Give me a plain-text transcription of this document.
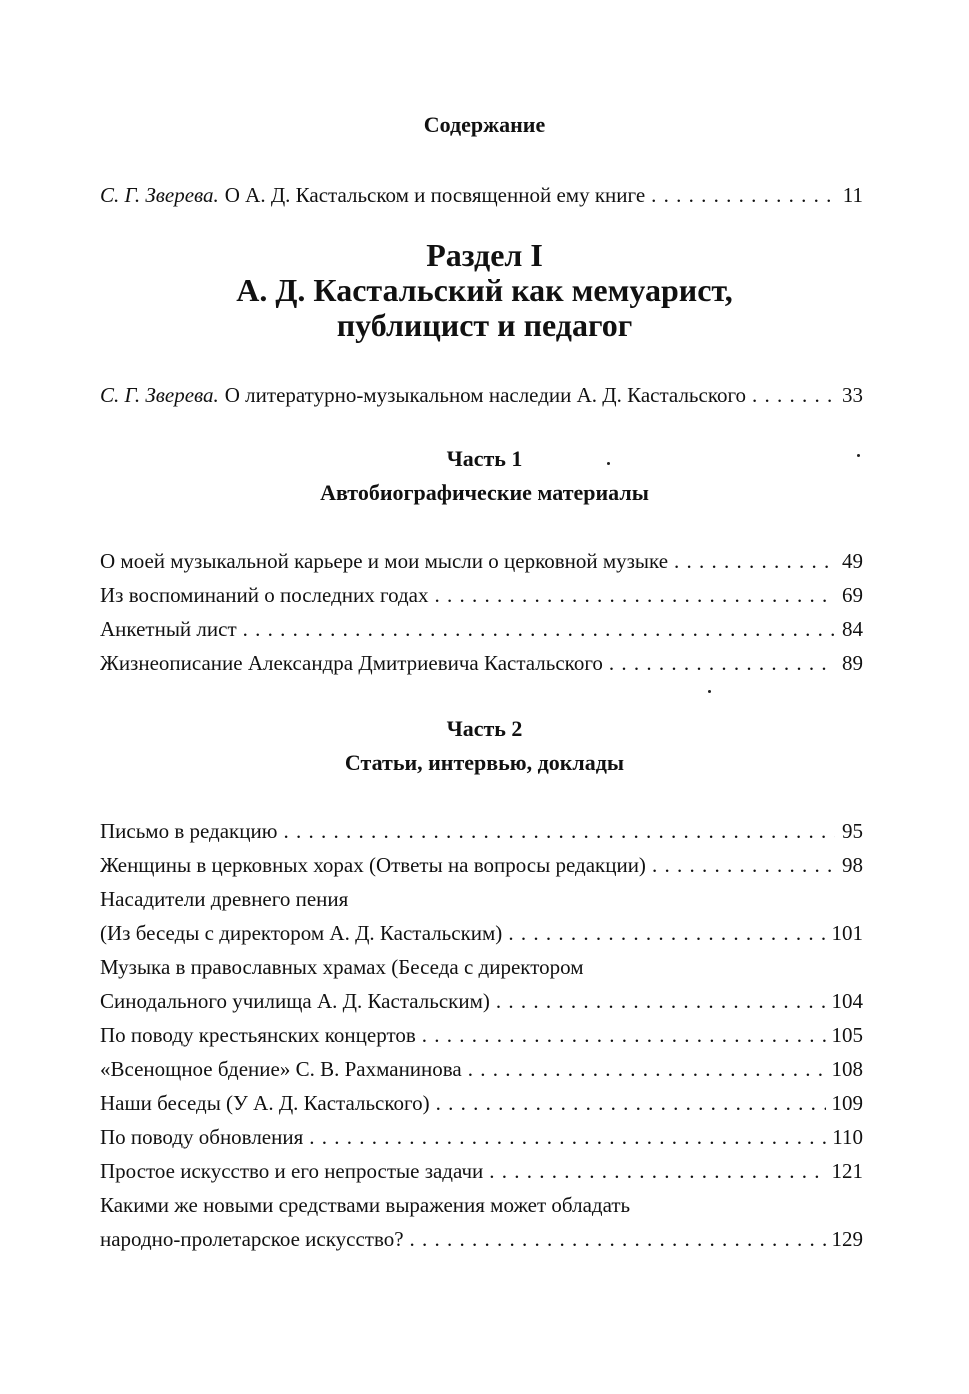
Содержание
С. Г. Зверева. О А. Д. Кастальском и посвященной ему книге . . .	11
Раздел I
А. Д. Кастальский как мемуарист,
публицист и педагог
С. Г. Зверева. О литературно-музыкальном наследии А. Д. Кастальского . . .	33
Часть 1
Автобиографические материалы
О моей музыкальной карьере и мои мысли о церковной музыке . . .	49
Из воспоминаний о последних годах . . .	69
Анкетный лист . . .	84
Жизнеописание Александра Дмитриевича Кастальского . . .	89
Часть 2
Статьи, интервью, доклады
Письмо в редакцию . . .	95
Женщины в церковных хорах (Ответы на вопросы редакции) . . .	98
Насадители древнего пения
(Из беседы с директором А. Д. Кастальским) . . .	101
Музыка в православных храмах (Беседа с директором
Синодального училища А. Д. Кастальским) . . .	104
По поводу крестьянских концертов . . .	105
«Всенощное бдение» С. В. Рахманинова . . .	108
Наши беседы (У А. Д. Кастальского) . . .	109
По поводу обновления . . .	110
Простое искусство и его непростые задачи . . .	121
Какими же новыми средствами выражения может обладать
народно-пролетарское искусство? . . .	129
